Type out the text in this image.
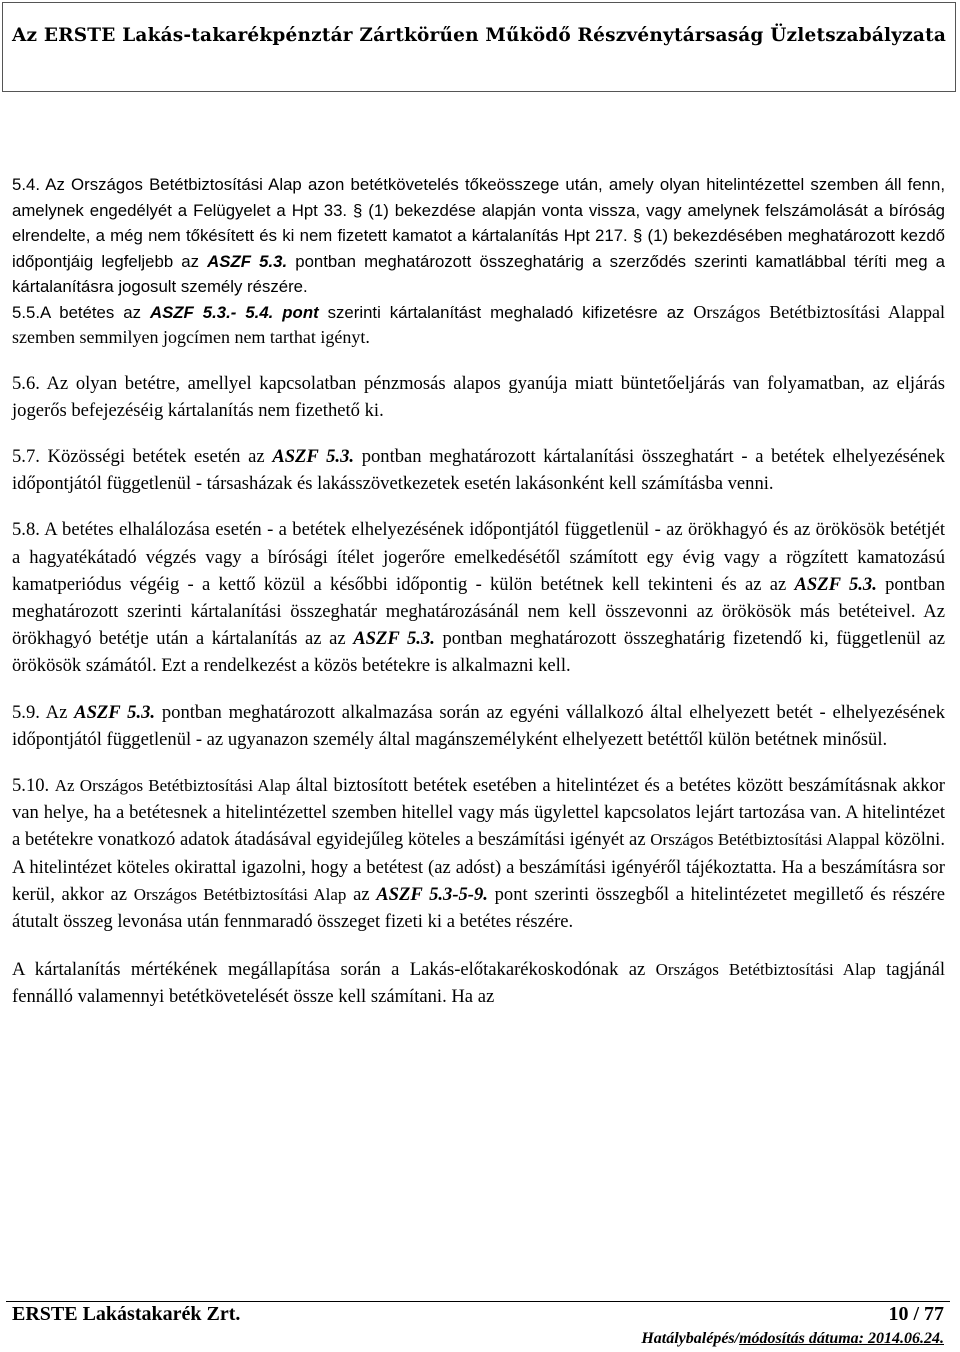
Az ERSTE Lakás-takarékpénztár Zártkörűen Működő Részvénytársaság Üzletszabályzata

5.4. Az Országos Betétbiztosítási Alap azon betétkövetelés tőkeösszege után, amely olyan hitelintézettel szemben áll fenn, amelynek engedélyét a Felügyelet a Hpt 33. § (1) bekezdése alapján vonta vissza, vagy amelynek felszámolását a bíróság elrendelte, a még nem tőkésített és ki nem fizetett kamatot a kártalanítás Hpt 217. § (1) bekezdésében meghatározott kezdő időpontjáig legfeljebb az ASZF 5.3. pontban meghatározott összeghatárig a szerződés szerinti kamatlábbal téríti meg a kártalanításra jogosult személy részére.

5.5.A betétes az ASZF 5.3.- 5.4. pont szerinti kártalanítást meghaladó kifizetésre az Országos Betétbiztosítási Alappal szemben semmilyen jogcímen nem tarthat igényt.

5.6. Az olyan betétre, amellyel kapcsolatban pénzmosás alapos gyanúja miatt büntetőeljárás van folyamatban, az eljárás jogerős befejezéséig kártalanítás nem fizethető ki.

5.7. Közösségi betétek esetén az ASZF 5.3. pontban meghatározott kártalanítási összeghatárt - a betétek elhelyezésének időpontjától függetlenül - társasházak és lakásszövetkezetek esetén lakásonként kell számításba venni.

5.8. A betétes elhalálozása esetén - a betétek elhelyezésének időpontjától függetlenül - az örökhagyó és az örökösök betétjét a hagyatékátadó végzés vagy a bírósági ítélet jogerőre emelkedésétől számított egy évig vagy a rögzített kamatozású kamatperiódus végéig - a kettő közül a későbbi időpontig - külön betétnek kell tekinteni és az az ASZF 5.3. pontban meghatározott szerinti kártalanítási összeghatár meghatározásánál nem kell összevonni az örökösök más betéteivel. Az örökhagyó betétje után a kártalanítás az az ASZF 5.3. pontban meghatározott összeghatárig fizetendő ki, függetlenül az örökösök számától. Ezt a rendelkezést a közös betétekre is alkalmazni kell.

5.9. Az ASZF 5.3. pontban meghatározott alkalmazása során az egyéni vállalkozó által elhelyezett betét - elhelyezésének időpontjától függetlenül - az ugyanazon személy által magánszemélyként elhelyezett betéttől külön betétnek minősül.

5.10. Az Országos Betétbiztosítási Alap által biztosított betétek esetében a hitelintézet és a betétes között beszámításnak akkor van helye, ha a betétesnek a hitelintézettel szemben hitellel vagy más ügylettel kapcsolatos lejárt tartozása van. A hitelintézet a betétekre vonatkozó adatok átadásával egyidejűleg köteles a beszámítási igényét az Országos Betétbiztosítási Alappal közölni. A hitelintézet köteles okirattal igazolni, hogy a betétest (az adóst) a beszámítási igényéről tájékoztatta. Ha a beszámításra sor kerül, akkor az Országos Betétbiztosítási Alap az ASZF 5.3-5-9. pont szerinti összegből a hitelintézetet megillető és részére átutalt összeg levonása után fennmaradó összeget fizeti ki a betétes részére.

A kártalanítás mértékének megállapítása során a Lakás-előtakarékoskodónak az Országos Betétbiztosítási Alap tagjánál fennálló valamennyi betétkövetelését össze kell számítani. Ha az

ERSTE Lakástakarék Zrt.	10 / 77
Hatálybalépés/módosítás dátuma: 2014.06.24.
